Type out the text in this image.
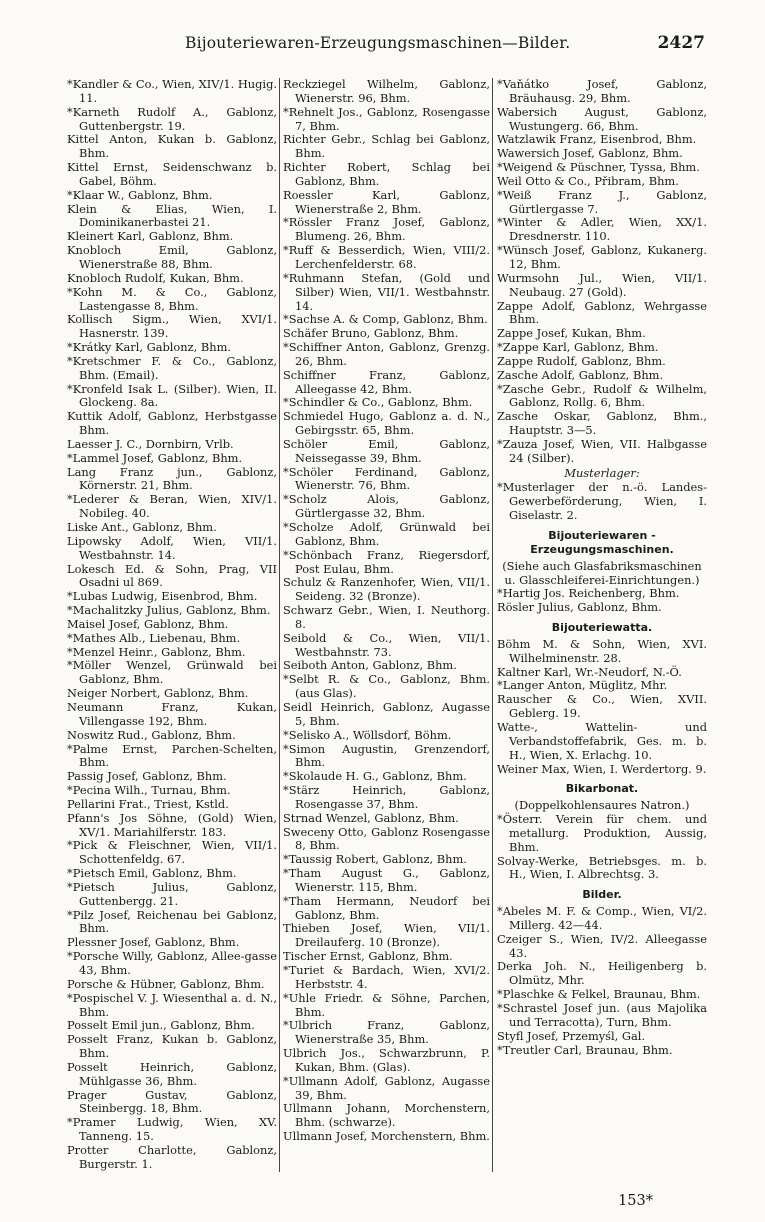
Bijouteriewaren-Erzeugungsmaschinen—Bilder.	2427

*Kandler & Co., Wien, XIV/1. Hugig. 11.

*Karneth Rudolf A., Gablonz, Guttenbergstr. 19.

Kittel Anton, Kukan b. Gablonz, Bhm.

Kittel Ernst, Seidenschwanz b. Gabel, Böhm.

*Klaar W., Gablonz, Bhm.

Klein & Elias, Wien, I. Dominikanerbastei 21.

Kleinert Karl, Gablonz, Bhm.

Knobloch Emil, Gablonz, Wienerstraße 88, Bhm.

Knobloch Rudolf, Kukan, Bhm.

*Kohn M. & Co., Gablonz, Lastengasse 8, Bhm.

Kollisch Sigm., Wien, XVI/1. Hasnerstr. 139.

*Krátky Karl, Gablonz, Bhm.

*Kretschmer F. & Co., Gablonz, Bhm. (Email).

*Kronfeld Isak L. (Silber). Wien, II. Glockeng. 8a.

Kuttik Adolf, Gablonz, Herbstgasse Bhm.

Laesser J. C., Dornbirn, Vrlb.

*Lammel Josef, Gablonz, Bhm.

Lang Franz jun., Gablonz, Körnerstr. 21, Bhm.

*Lederer & Beran, Wien, XIV/1. Nobileg. 40.

Liske Ant., Gablonz, Bhm.

Lipowsky Adolf, Wien, VII/1. Westbahnstr. 14.

Lokesch Ed. & Sohn, Prag, VII Osadni ul 869.

*Lubas Ludwig, Eisenbrod, Bhm.

*Machalitzky Julius, Gablonz, Bhm.

Maisel Josef, Gablonz, Bhm.

*Mathes Alb., Liebenau, Bhm.

*Menzel Heinr., Gablonz, Bhm.

*Möller Wenzel, Grünwald bei Gablonz, Bhm.

Neiger Norbert, Gablonz, Bhm.

Neumann Franz, Kukan, Villengasse 192, Bhm.

Noswitz Rud., Gablonz, Bhm.

*Palme Ernst, Parchen-Schelten, Bhm.

Passig Josef, Gablonz, Bhm.

*Pecina Wilh., Turnau, Bhm.

Pellarini Frat., Triest, Kstld.

Pfann's Jos Söhne, (Gold) Wien, XV/1. Mariahilferstr. 183.

*Pick & Fleischner, Wien, VII/1. Schottenfeldg. 67.

*Pietsch Emil, Gablonz, Bhm.

*Pietsch Julius, Gablonz, Guttenbergg. 21.

*Pilz Josef, Reichenau bei Gablonz, Bhm.

Plessner Josef, Gablonz, Bhm.

*Porsche Willy, Gablonz, Allee-gasse 43, Bhm.

Porsche & Hübner, Gablonz, Bhm.

*Pospischel V. J. Wiesenthal a. d. N., Bhm.

Posselt Emil jun., Gablonz, Bhm.

Posselt Franz, Kukan b. Gablonz, Bhm.

Posselt Heinrich, Gablonz, Mühlgasse 36, Bhm.

Prager Gustav, Gablonz, Steinbergg. 18, Bhm.

*Pramer Ludwig, Wien, XV. Tanneng. 15.

Protter Charlotte, Gablonz, Burgerstr. 1.

Reckziegel Wilhelm, Gablonz, Wienerstr. 96, Bhm.

*Rehnelt Jos., Gablonz, Rosengasse 7, Bhm.

Richter Gebr., Schlag bei Gablonz, Bhm.

Richter Robert, Schlag bei Gablonz, Bhm.

Roessler Karl, Gablonz, Wienerstraße 2, Bhm.

*Rössler Franz Josef, Gablonz, Blumeng. 26, Bhm.

*Ruff & Besserdich, Wien, VIII/2. Lerchenfelderstr. 68.

*Ruhmann Stefan, (Gold und Silber) Wien, VII/1. Westbahnstr. 14.

*Sachse A. & Comp, Gablonz, Bhm.

Schäfer Bruno, Gablonz, Bhm.

*Schiffner Anton, Gablonz, Grenzg. 26, Bhm.

Schiffner Franz, Gablonz, Alleegasse 42, Bhm.

*Schindler & Co., Gablonz, Bhm.

Schmiedel Hugo, Gablonz a. d. N., Gebirgsstr. 65, Bhm.

Schöler Emil, Gablonz, Neissegasse 39, Bhm.

*Schöler Ferdinand, Gablonz, Wienerstr. 76, Bhm.

*Scholz Alois, Gablonz, Gürtlergasse 32, Bhm.

*Scholze Adolf, Grünwald bei Gablonz, Bhm.

*Schönbach Franz, Riegersdorf, Post Eulau, Bhm.

Schulz & Ranzenhofer, Wien, VII/1. Seideng. 32 (Bronze).

Schwarz Gebr., Wien, I. Neuthorg. 8.

Seibold & Co., Wien, VII/1. Westbahnstr. 73.

Seiboth Anton, Gablonz, Bhm.

*Selbt R. & Co., Gablonz, Bhm. (aus Glas).

Seidl Heinrich, Gablonz, Augasse 5, Bhm.

*Selisko A., Wöllsdorf, Böhm.

*Simon Augustin, Grenzendorf, Bhm.

*Skolaude H. G., Gablonz, Bhm.

*Stärz Heinrich, Gablonz, Rosengasse 37, Bhm.

Strnad Wenzel, Gablonz, Bhm.

Sweceny Otto, Gablonz Rosengasse 8, Bhm.

*Taussig Robert, Gablonz, Bhm.

*Tham August G., Gablonz, Wienerstr. 115, Bhm.

*Tham Hermann, Neudorf bei Gablonz, Bhm.

Thieben Josef, Wien, VII/1. Dreilauferg. 10 (Bronze).

Tischer Ernst, Gablonz, Bhm.

*Turiet & Bardach, Wien, XVI/2. Herbststr. 4.

*Uhle Friedr. & Söhne, Parchen, Bhm.

*Ulbrich Franz, Gablonz, Wienerstraße 35, Bhm.

Ulbrich Jos., Schwarzbrunn, P. Kukan, Bhm. (Glas).

*Ullmann Adolf, Gablonz, Augasse 39, Bhm.

Ullmann Johann, Morchenstern, Bhm. (schwarze).

Ullmann Josef, Morchenstern, Bhm.

*Vaňátko Josef, Gablonz, Bräuhausg. 29, Bhm.

Wabersich August, Gablonz, Wustungerg. 66, Bhm.

Watzlawik Franz, Eisenbrod, Bhm.

Wawersich Josef, Gablonz, Bhm.

*Weigend & Püschner, Tyssa, Bhm.

Weil Otto & Co., Přibram, Bhm.

*Weiß Franz J., Gablonz, Gürtlergasse 7.

*Winter & Adler, Wien, XX/1. Dresdnerstr. 110.

*Wünsch Josef, Gablonz, Kukanerg. 12, Bhm.

Wurmsohn Jul., Wien, VII/1. Neubaug. 27 (Gold).

Zappe Adolf, Gablonz, Wehrgasse Bhm.

Zappe Josef, Kukan, Bhm.

*Zappe Karl, Gablonz, Bhm.

Zappe Rudolf, Gablonz, Bhm.

Zasche Adolf, Gablonz, Bhm.

*Zasche Gebr., Rudolf & Wilhelm, Gablonz, Rollg. 6, Bhm.

Zasche Oskar, Gablonz, Bhm., Hauptstr. 3—5.

*Zauza Josef, Wien, VII. Halbgasse 24 (Silber).

Musterlager:

*Musterlager der n.-ö. Landes-Gewerbeförderung, Wien, I. Giselastr. 2.

Bijouteriewaren - Erzeugungsmaschinen.

(Siehe auch Glasfabriksmaschinen u. Glasschleiferei-Einrichtungen.)

*Hartig Jos. Reichenberg, Bhm.

Rösler Julius, Gablonz, Bhm.

Bijouteriewatta.

Böhm M. & Sohn, Wien, XVI. Wilhelminenstr. 28.

Kaltner Karl, Wr.-Neudorf, N.-Ö.

*Langer Anton, Müglitz, Mhr.

Rauscher & Co., Wien, XVII. Geblerg. 19.

Watte-, Wattelin- und Verbandstoffefabrik, Ges. m. b. H., Wien, X. Erlachg. 10.

Weiner Max, Wien, I. Werdertorg. 9.

Bikarbonat.

(Doppelkohlensaures Natron.)

*Österr. Verein für chem. und metallurg. Produktion, Aussig, Bhm.

Solvay-Werke, Betriebsges. m. b. H., Wien, I. Albrechtsg. 3.

Bilder.

*Abeles M. F. & Comp., Wien, VI/2. Millerg. 42—44.

Czeiger S., Wien, IV/2. Alleegasse 43.

Derka Joh. N., Heiligenberg b. Olmütz, Mhr.

*Plaschke & Felkel, Braunau, Bhm.

*Schrastel Josef jun. (aus Majolika und Terracotta), Turn, Bhm.

Styfl Josef, Przemyśl, Gal.

*Treutler Carl, Braunau, Bhm.

153*
